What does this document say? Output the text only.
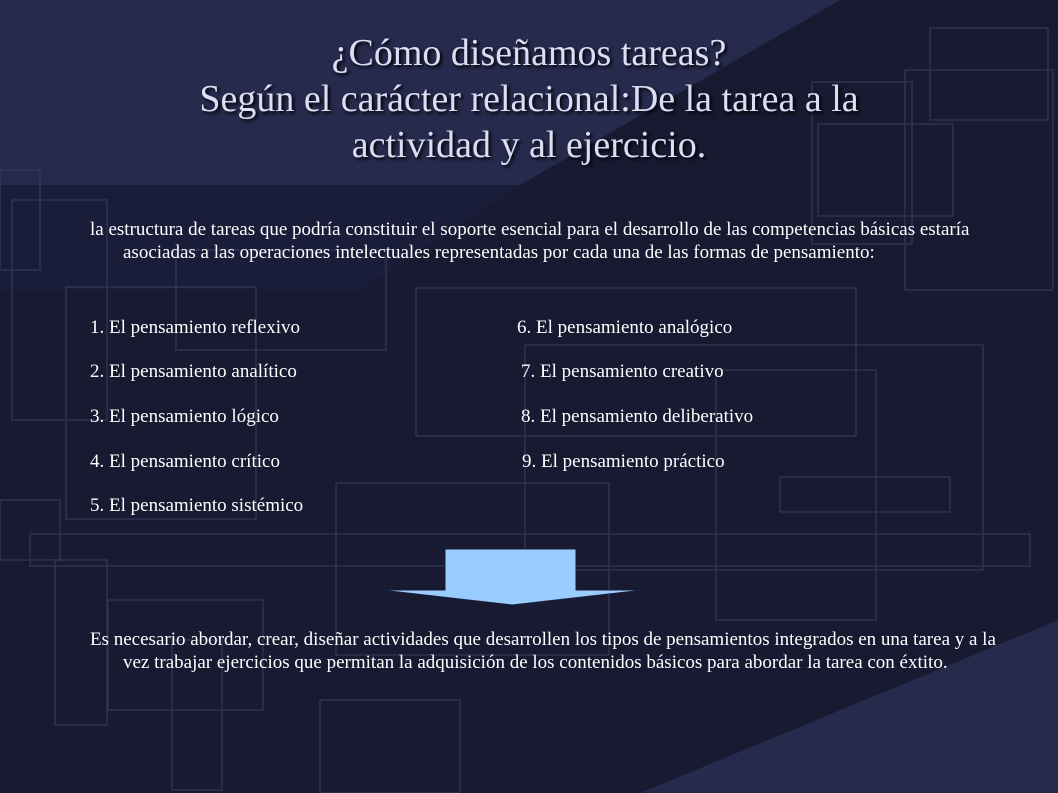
¿Cómo diseñamos tareas?
Según el carácter relacional:De la tarea a la
actividad y al ejercicio.
la estructura de tareas que podría constituir el soporte esencial para el desarrollo de las competencias básicas estaría asociadas a las operaciones intelectuales representadas por cada una de las formas de pensamiento:
1. El pensamiento reflexivo
2. El pensamiento analítico
3. El pensamiento lógico
4. El pensamiento crítico
5. El pensamiento sistémico
6. El pensamiento analógico
7. El pensamiento creativo
8. El pensamiento deliberativo
9. El pensamiento práctico
Es necesario abordar, crear, diseñar actividades que desarrollen los tipos de pensamientos integrados en una tarea y a la vez trabajar ejercicios que permitan la adquisición de los contenidos básicos para abordar la tarea con éxtito.
